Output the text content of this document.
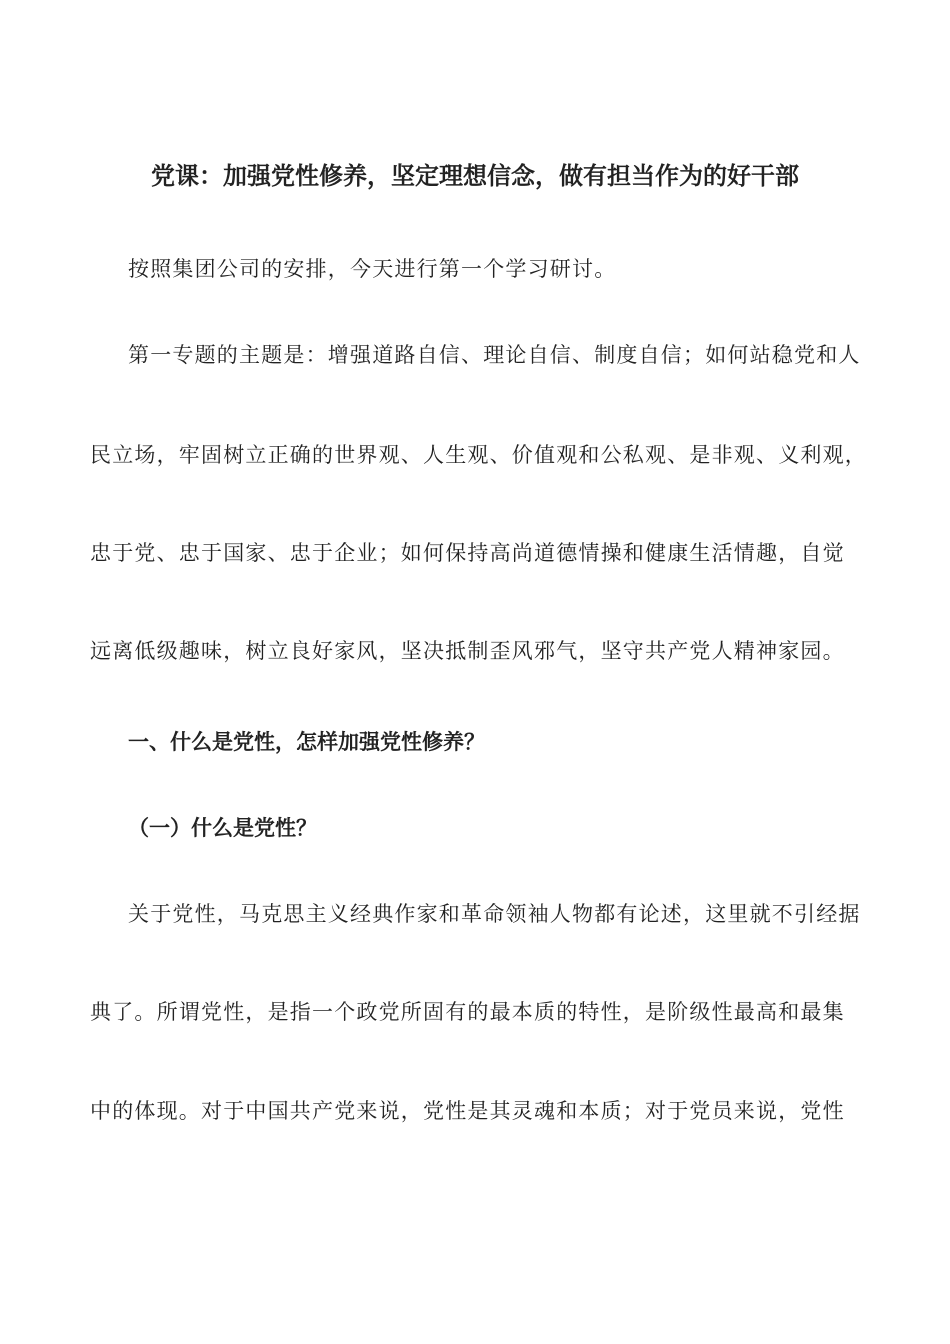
党课：加强党性修养，坚定理想信念，做有担当作为的好干部

按照集团公司的安排，今天进行第一个学习研讨。

第一专题的主题是：增强道路自信、理论自信、制度自信；如何站稳党和人

民立场，牢固树立正确的世界观、人生观、价值观和公私观、是非观、义利观，

忠于党、忠于国家、忠于企业；如何保持高尚道德情操和健康生活情趣，自觉

远离低级趣味，树立良好家风，坚决抵制歪风邪气，坚守共产党人精神家园。

一、什么是党性，怎样加强党性修养？
（一）什么是党性？

关于党性，马克思主义经典作家和革命领袖人物都有论述，这里就不引经据

典了。所谓党性，是指一个政党所固有的最本质的特性，是阶级性最高和最集

中的体现。对于中国共产党来说，党性是其灵魂和本质；对于党员来说，党性
